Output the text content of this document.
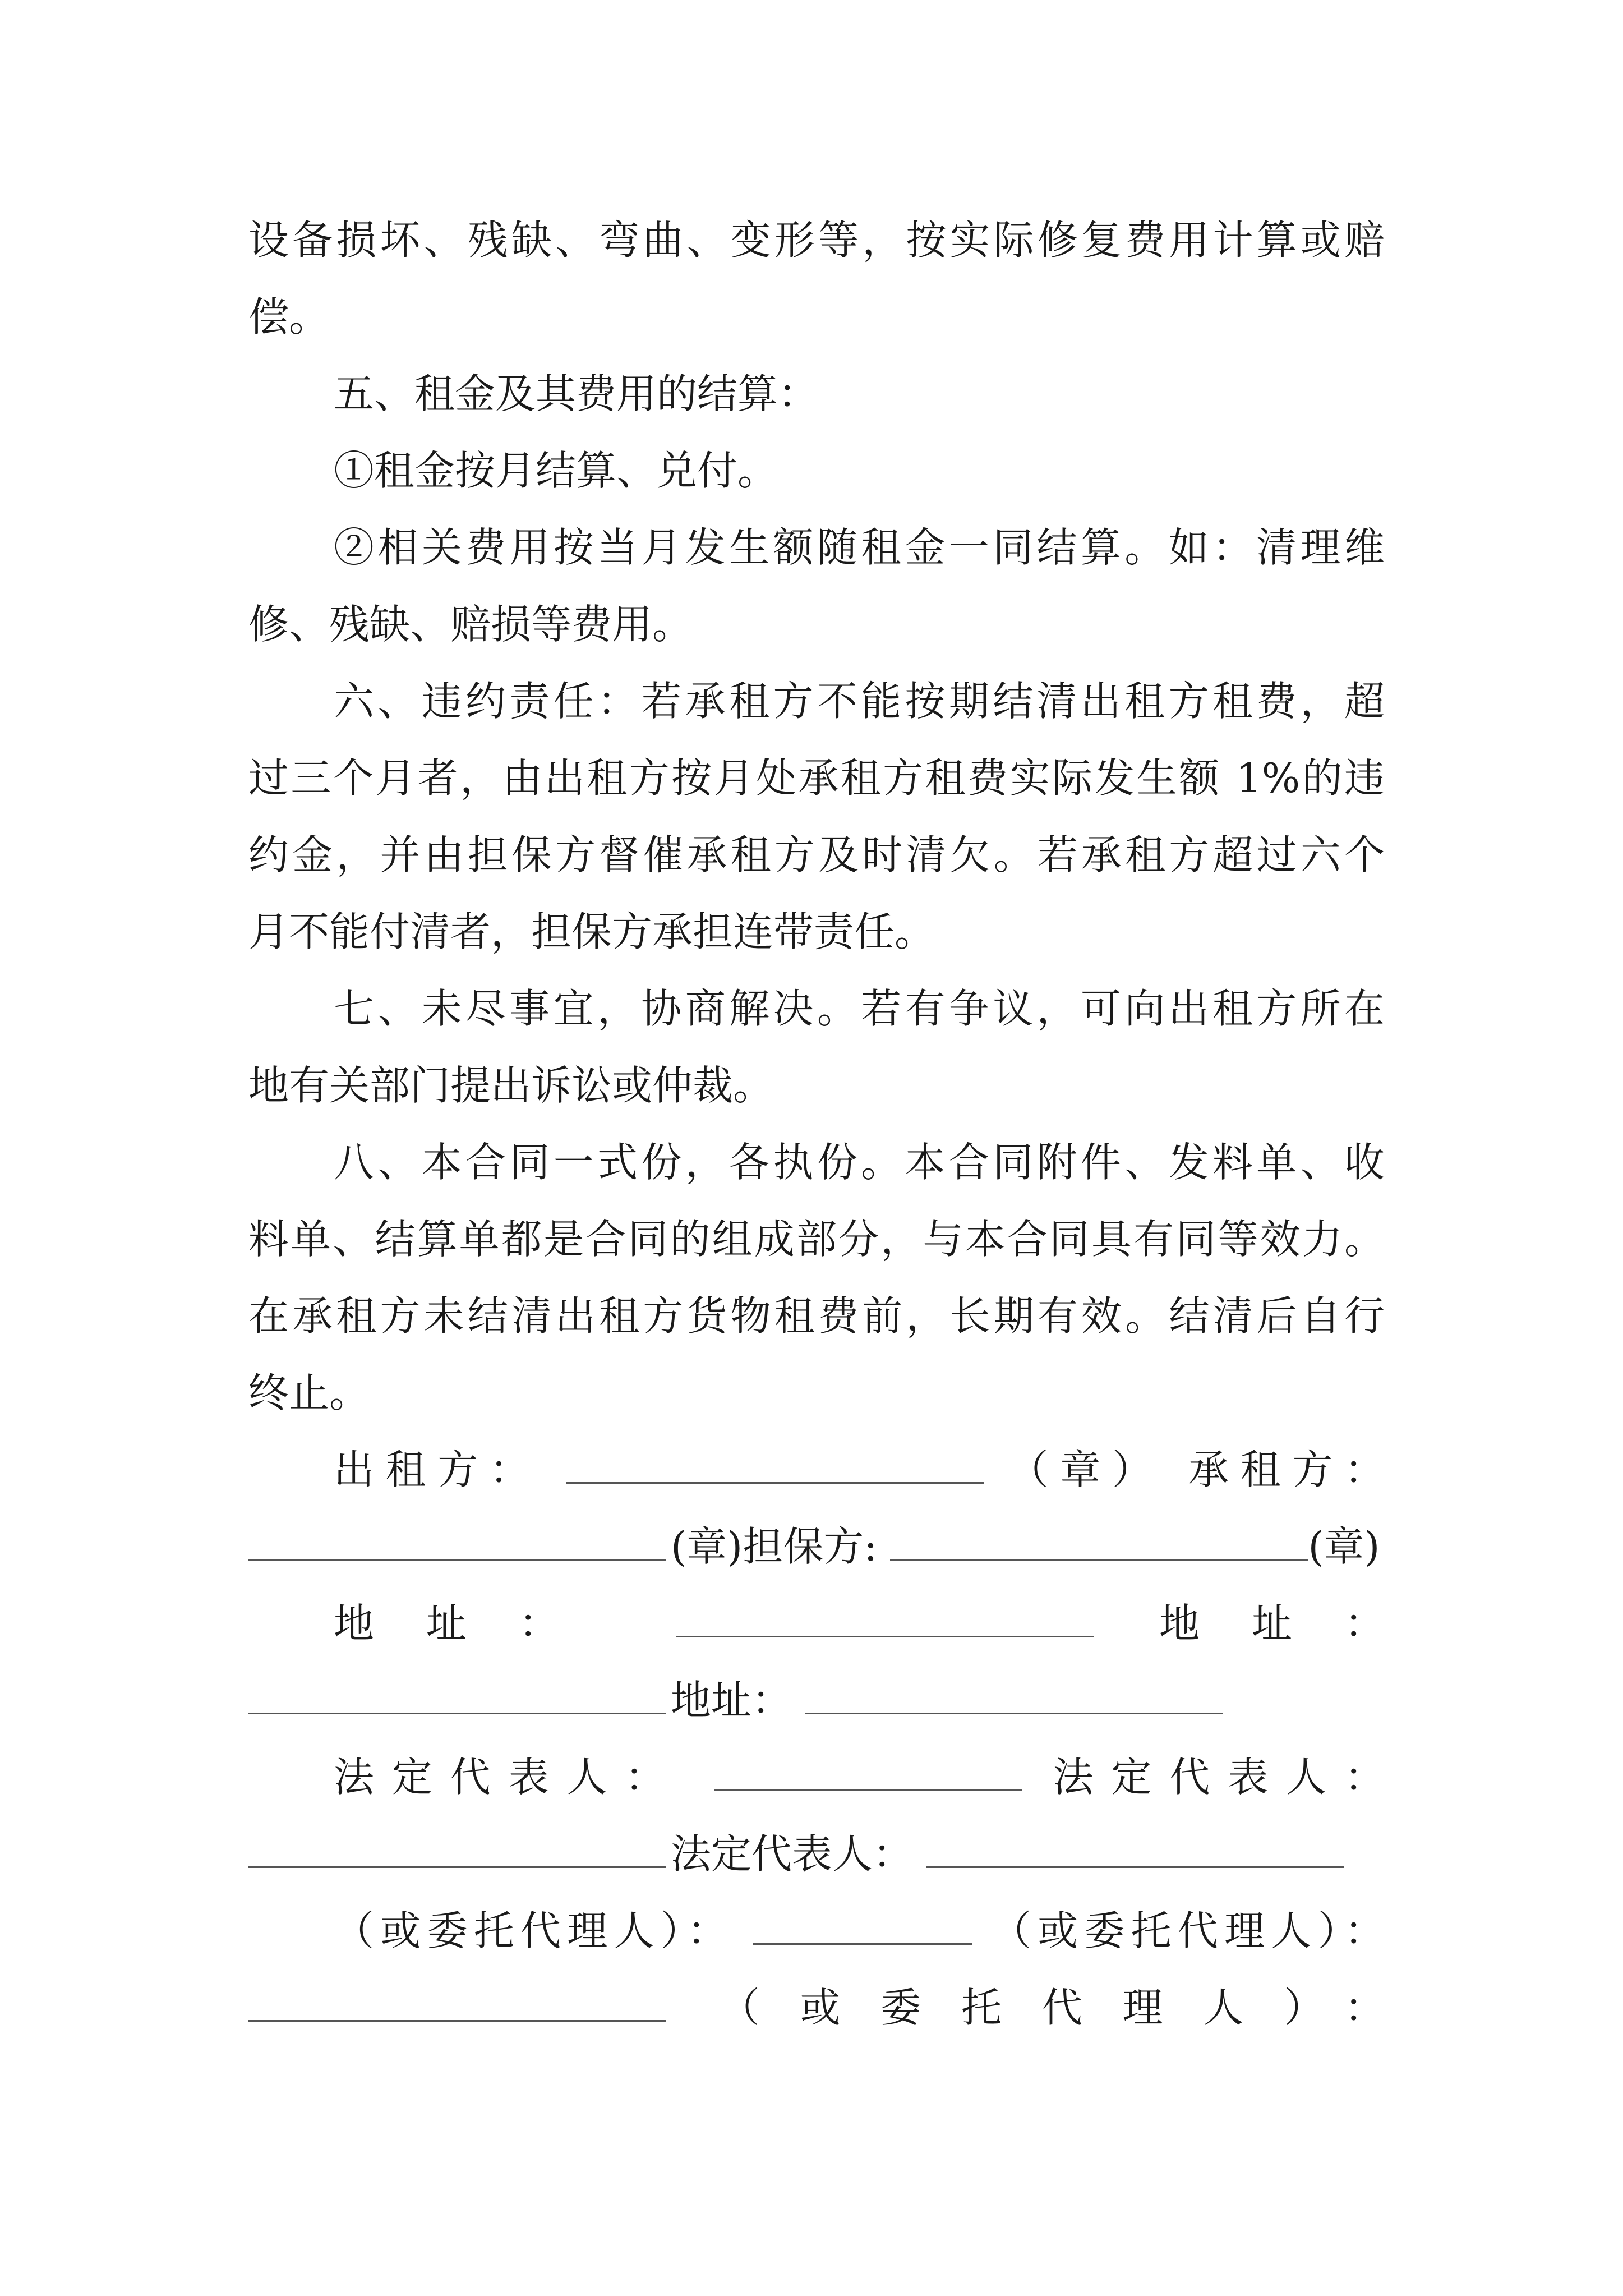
设备损坏、残缺、弯曲、变形等，按实际修复费用计算或赔
偿。
五、租金及其费用的结算：
①租金按月结算、兑付。
②相关费用按当月发生额随租金一同结算。如：清理维
修、残缺、赔损等费用。
六、违约责任：若承租方不能按期结清出租方租费，超
过三个月者，由出租方按月处承租方租费实际发生额 1%的违
约金，并由担保方督催承租方及时清欠。若承租方超过六个
月不能付清者，担保方承担连带责任。
七、未尽事宜，协商解决。若有争议，可向出租方所在
地有关部门提出诉讼或仲裁。
八、本合同一式份，各执份。本合同附件、发料单、收
料单、结算单都是合同的组成部分，与本合同具有同等效力。
在承租方未结清出租方货物租费前，长期有效。结清后自行
终止。
出租方：	（章） 承租方：
(章)担保方:	(章)
地址：	地址：
地址：
法定代表人：	法定代表人：
法定代表人：
（或委托代理人）：	（或委托代理人）：
（或委托代理人）：
